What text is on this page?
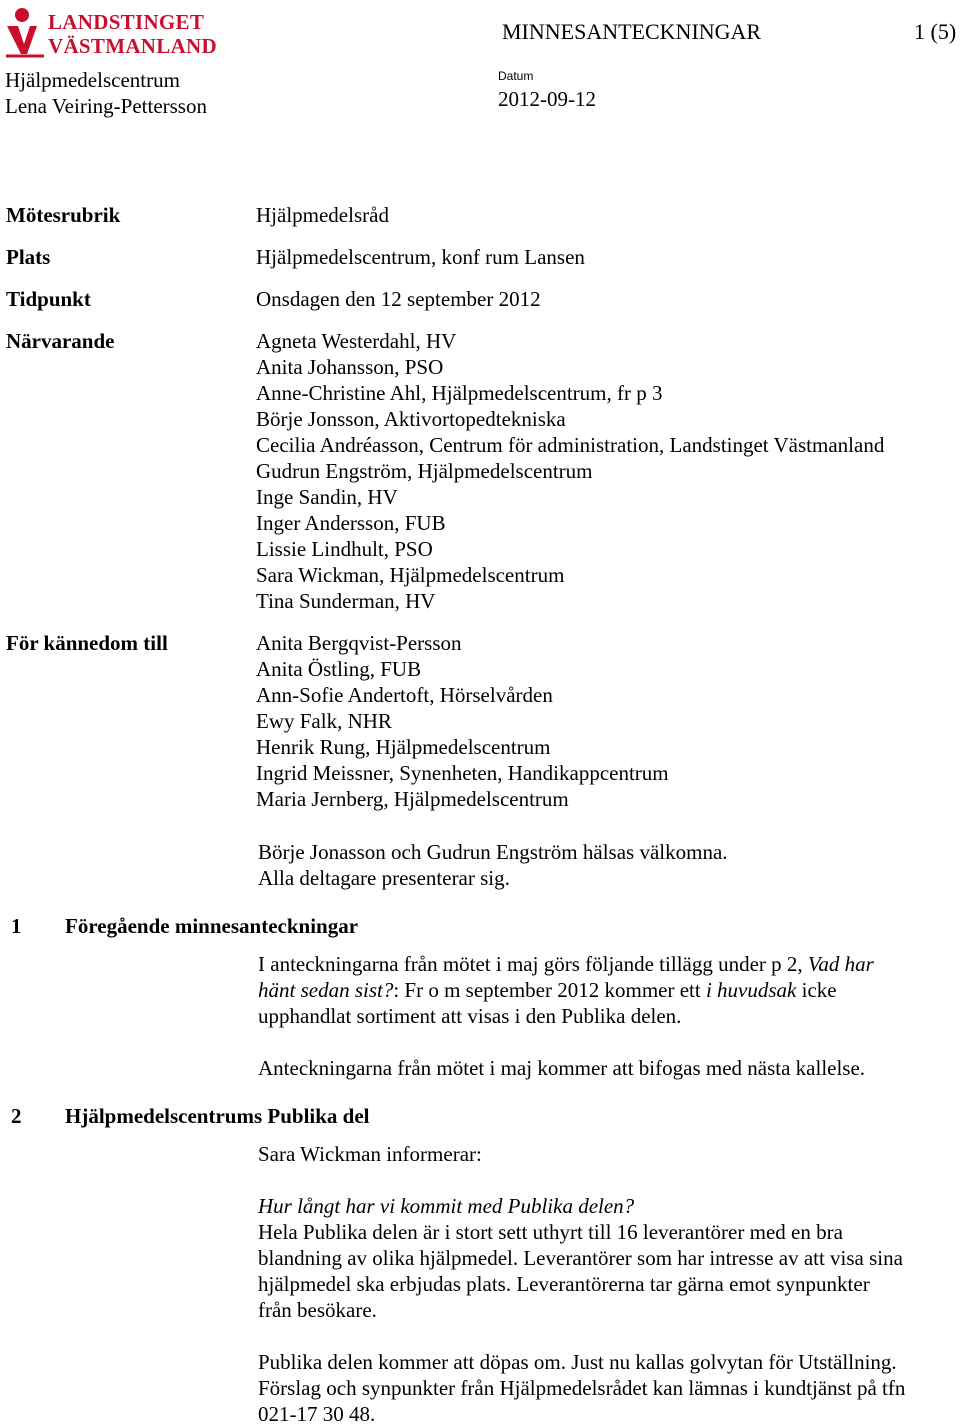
LANDSTINGET
VÄSTMANLAND
MINNESANTECKNINGAR	1 (5)
Hjälpmedelscentrum
Lena Veiring-Pettersson
Datum
2012-09-12
Mötesrubrik	Hjälpmedelsråd
Plats	Hjälpmedelscentrum, konf rum Lansen
Tidpunkt	Onsdagen den 12 september 2012
Närvarande	Agneta Westerdahl, HV
Anita Johansson, PSO
Anne-Christine Ahl, Hjälpmedelscentrum, fr p 3
Börje Jonsson, Aktivortopedtekniska
Cecilia Andréasson, Centrum för administration, Landstinget Västmanland
Gudrun Engström, Hjälpmedelscentrum
Inge Sandin, HV
Inger Andersson, FUB
Lissie Lindhult, PSO
Sara Wickman, Hjälpmedelscentrum
Tina Sunderman, HV
För kännedom till	Anita Bergqvist-Persson
Anita Östling, FUB
Ann-Sofie Andertoft, Hörselvården
Ewy Falk, NHR
Henrik Rung, Hjälpmedelscentrum
Ingrid Meissner, Synenheten, Handikappcentrum
Maria Jernberg, Hjälpmedelscentrum
Börje Jonasson och Gudrun Engström hälsas välkomna.
Alla deltagare presenterar sig.
1 Föregående minnesanteckningar
I anteckningarna från mötet i maj görs följande tillägg under p 2, Vad har
hänt sedan sist?: Fr o m september 2012 kommer ett i huvudsak icke
upphandlat sortiment att visas i den Publika delen.
Anteckningarna från mötet i maj kommer att bifogas med nästa kallelse.
2 Hjälpmedelscentrums Publika del
Sara Wickman informerar:
Hur långt har vi kommit med Publika delen?
Hela Publika delen är i stort sett uthyrt till 16 leverantörer med en bra
blandning av olika hjälpmedel. Leverantörer som har intresse av att visa sina
hjälpmedel ska erbjudas plats. Leverantörerna tar gärna emot synpunkter
från besökare.
Publika delen kommer att döpas om. Just nu kallas golvytan för Utställning.
Förslag och synpunkter från Hjälpmedelsrådet kan lämnas i kundtjänst på tfn
021-17 30 48.
